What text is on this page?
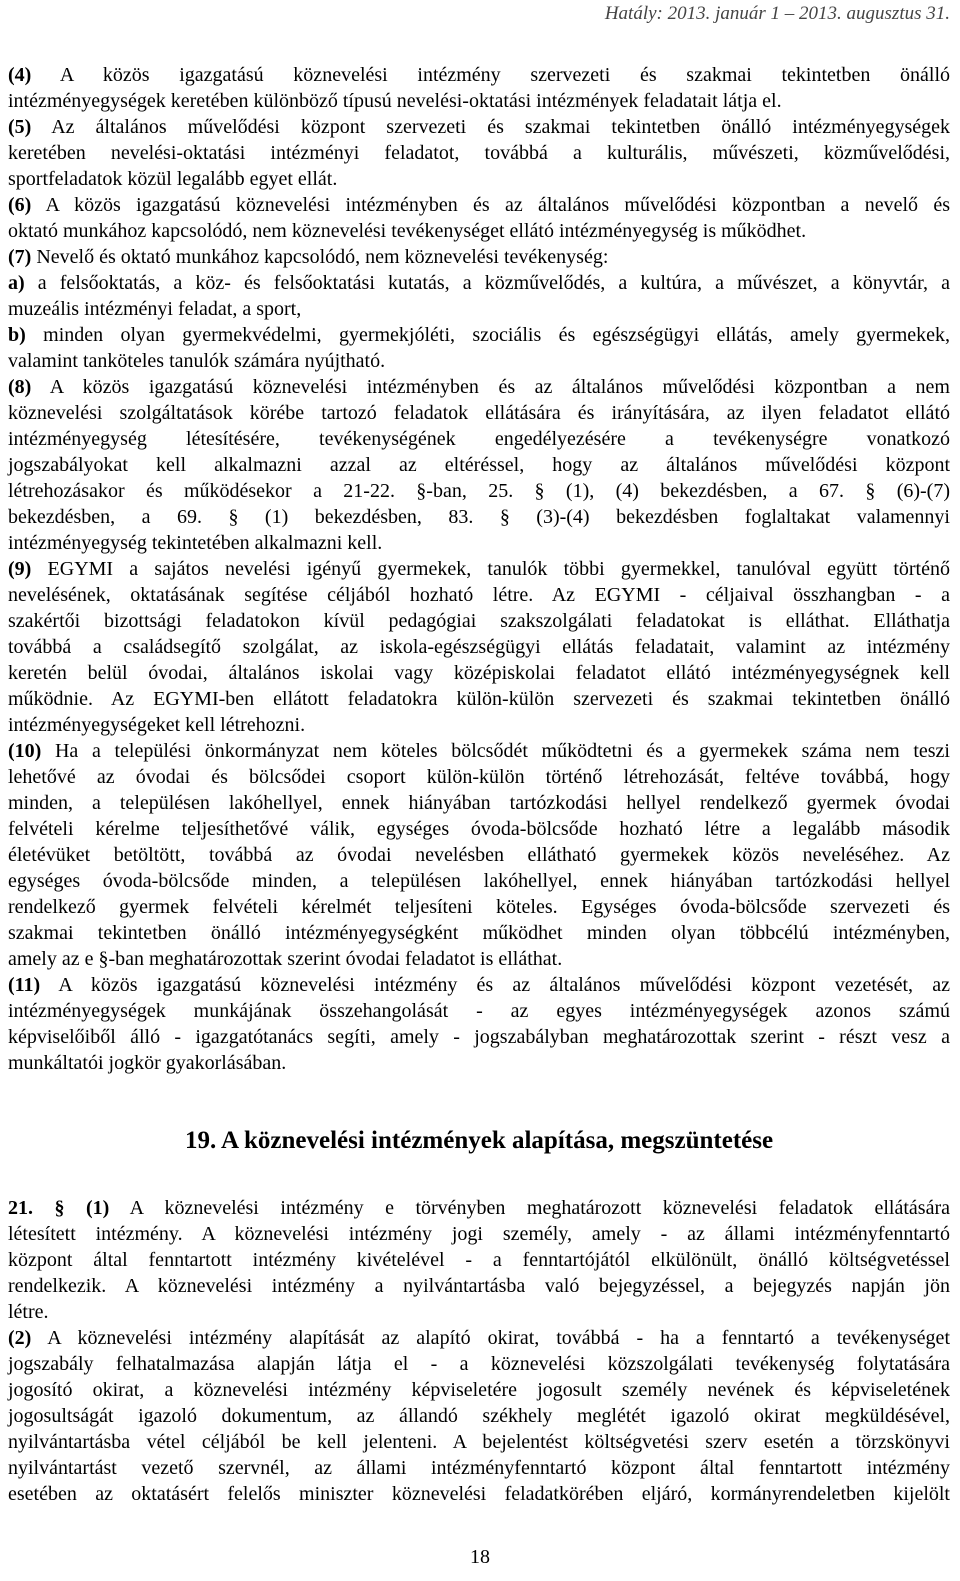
Hatály: 2013. január 1 – 2013. augusztus 31.
(4) A közös igazgatású köznevelési intézmény szervezeti és szakmai tekintetben önálló
intézményegységek keretében különböző típusú nevelési-oktatási intézmények feladatait látja el.
(5) Az általános művelődési központ szervezeti és szakmai tekintetben önálló intézményegységek
keretében nevelési-oktatási intézményi feladatot, továbbá a kulturális, művészeti, közművelődési,
sportfeladatok közül legalább egyet ellát.
(6) A közös igazgatású köznevelési intézményben és az általános művelődési központban a nevelő és
oktató munkához kapcsolódó, nem köznevelési tevékenységet ellátó intézményegység is működhet.
(7) Nevelő és oktató munkához kapcsolódó, nem köznevelési tevékenység:
a) a felsőoktatás, a köz- és felsőoktatási kutatás, a közművelődés, a kultúra, a művészet, a könyvtár, a
muzeális intézményi feladat, a sport,
b) minden olyan gyermekvédelmi, gyermekjóléti, szociális és egészségügyi ellátás, amely gyermekek,
valamint tanköteles tanulók számára nyújtható.
(8) A közös igazgatású köznevelési intézményben és az általános művelődési központban a nem
köznevelési szolgáltatások körébe tartozó feladatok ellátására és irányítására, az ilyen feladatot ellátó
intézményegység létesítésére, tevékenységének engedélyezésére a tevékenységre vonatkozó
jogszabályokat kell alkalmazni azzal az eltéréssel, hogy az általános művelődési központ
létrehozásakor és működésekor a 21-22. §-ban, 25. § (1), (4) bekezdésben, a 67. § (6)-(7)
bekezdésben, a 69. § (1) bekezdésben, 83. § (3)-(4) bekezdésben foglaltakat valamennyi
intézményegység tekintetében alkalmazni kell.
(9) EGYMI a sajátos nevelési igényű gyermekek, tanulók többi gyermekkel, tanulóval együtt történő
nevelésének, oktatásának segítése céljából hozható létre. Az EGYMI - céljaival összhangban - a
szakértői bizottsági feladatokon kívül pedagógiai szakszolgálati feladatokat is elláthat. Elláthatja
továbbá a családsegítő szolgálat, az iskola-egészségügyi ellátás feladatait, valamint az intézmény
keretén belül óvodai, általános iskolai vagy középiskolai feladatot ellátó intézményegységnek kell
működnie. Az EGYMI-ben ellátott feladatokra külön-külön szervezeti és szakmai tekintetben önálló
intézményegységeket kell létrehozni.
(10) Ha a települési önkormányzat nem köteles bölcsődét működtetni és a gyermekek száma nem teszi
lehetővé az óvodai és bölcsődei csoport külön-külön történő létrehozását, feltéve továbbá, hogy
minden, a településen lakóhellyel, ennek hiányában tartózkodási hellyel rendelkező gyermek óvodai
felvételi kérelme teljesíthetővé válik, egységes óvoda-bölcsőde hozható létre a legalább második
életévüket betöltött, továbbá az óvodai nevelésben ellátható gyermekek közös neveléséhez. Az
egységes óvoda-bölcsőde minden, a településen lakóhellyel, ennek hiányában tartózkodási hellyel
rendelkező gyermek felvételi kérelmét teljesíteni köteles. Egységes óvoda-bölcsőde szervezeti és
szakmai tekintetben önálló intézményegységként működhet minden olyan többcélú intézményben,
amely az e §-ban meghatározottak szerint óvodai feladatot is elláthat.
(11) A közös igazgatású köznevelési intézmény és az általános művelődési központ vezetését, az
intézményegységek munkájának összehangolását - az egyes intézményegységek azonos számú
képviselőiből álló - igazgatótanács segíti, amely - jogszabályban meghatározottak szerint - részt vesz a
munkáltatói jogkör gyakorlásában.
19. A köznevelési intézmények alapítása, megszüntetése
21. § (1) A köznevelési intézmény e törvényben meghatározott köznevelési feladatok ellátására
létesített intézmény. A köznevelési intézmény jogi személy, amely - az állami intézményfenntartó
központ által fenntartott intézmény kivételével - a fenntartójától elkülönült, önálló költségvetéssel
rendelkezik. A köznevelési intézmény a nyilvántartásba való bejegyzéssel, a bejegyzés napján jön
létre.
(2) A köznevelési intézmény alapítását az alapító okirat, továbbá - ha a fenntartó a tevékenységet
jogszabály felhatalmazása alapján látja el - a köznevelési közszolgálati tevékenység folytatására
jogosító okirat, a köznevelési intézmény képviseletére jogosult személy nevének és képviseletének
jogosultságát igazoló dokumentum, az állandó székhely meglétét igazoló okirat megküldésével,
nyilvántartásba vétel céljából be kell jelenteni. A bejelentést költségvetési szerv esetén a törzskönyvi
nyilvántartást vezető szervnél, az állami intézményfenntartó központ által fenntartott intézmény
esetében az oktatásért felelős miniszter köznevelési feladatkörében eljáró, kormányrendeletben kijelölt
18
